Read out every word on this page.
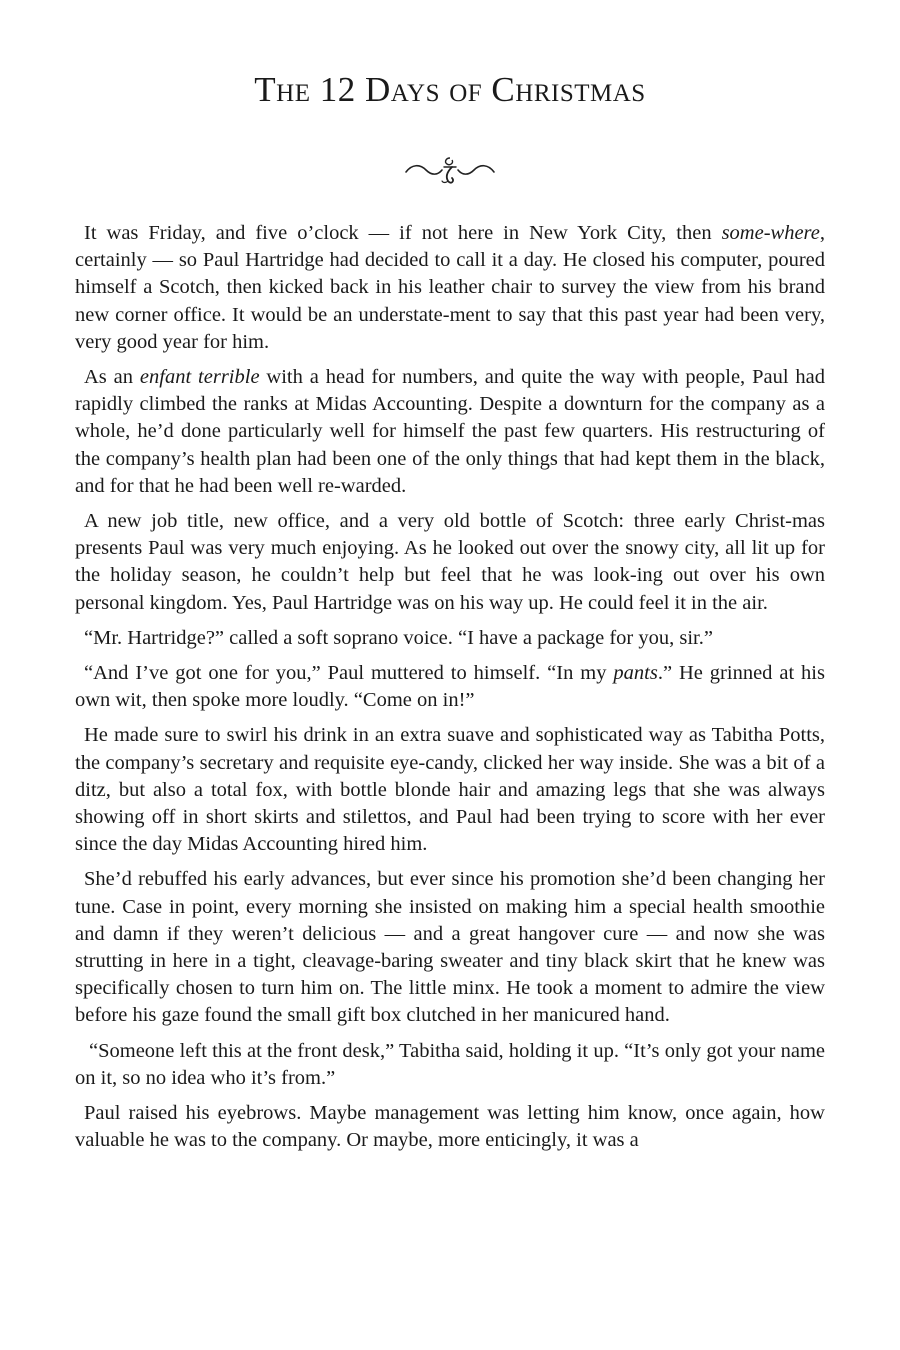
The 12 Days of Christmas

It was Friday, and five o’clock — if not here in New York City, then some-where, certainly — so Paul Hartridge had decided to call it a day. He closed his computer, poured himself a Scotch, then kicked back in his leather chair to survey the view from his brand new corner office. It would be an understate-ment to say that this past year had been very, very good year for him.

As an enfant terrible with a head for numbers, and quite the way with people, Paul had rapidly climbed the ranks at Midas Accounting. Despite a downturn for the company as a whole, he’d done particularly well for himself the past few quarters. His restructuring of the company’s health plan had been one of the only things that had kept them in the black, and for that he had been well re-warded.

A new job title, new office, and a very old bottle of Scotch: three early Christ-mas presents Paul was very much enjoying. As he looked out over the snowy city, all lit up for the holiday season, he couldn’t help but feel that he was look-ing out over his own personal kingdom. Yes, Paul Hartridge was on his way up. He could feel it in the air.

“Mr. Hartridge?” called a soft soprano voice. “I have a package for you, sir.”

“And I’ve got one for you,” Paul muttered to himself. “In my pants.” He grinned at his own wit, then spoke more loudly. “Come on in!”

He made sure to swirl his drink in an extra suave and sophisticated way as Tabitha Potts, the company’s secretary and requisite eye-candy, clicked her way inside. She was a bit of a ditz, but also a total fox, with bottle blonde hair and amazing legs that she was always showing off in short skirts and stilettos, and Paul had been trying to score with her ever since the day Midas Accounting hired him.

She’d rebuffed his early advances, but ever since his promotion she’d been changing her tune. Case in point, every morning she insisted on making him a special health smoothie and damn if they weren’t delicious — and a great hangover cure — and now she was strutting in here in a tight, cleavage-baring sweater and tiny black skirt that he knew was specifically chosen to turn him on. The little minx. He took a moment to admire the view before his gaze found the small gift box clutched in her manicured hand.

“Someone left this at the front desk,” Tabitha said, holding it up. “It’s only got your name on it, so no idea who it’s from.”

Paul raised his eyebrows. Maybe management was letting him know, once again, how valuable he was to the company. Or maybe, more enticingly, it was a
